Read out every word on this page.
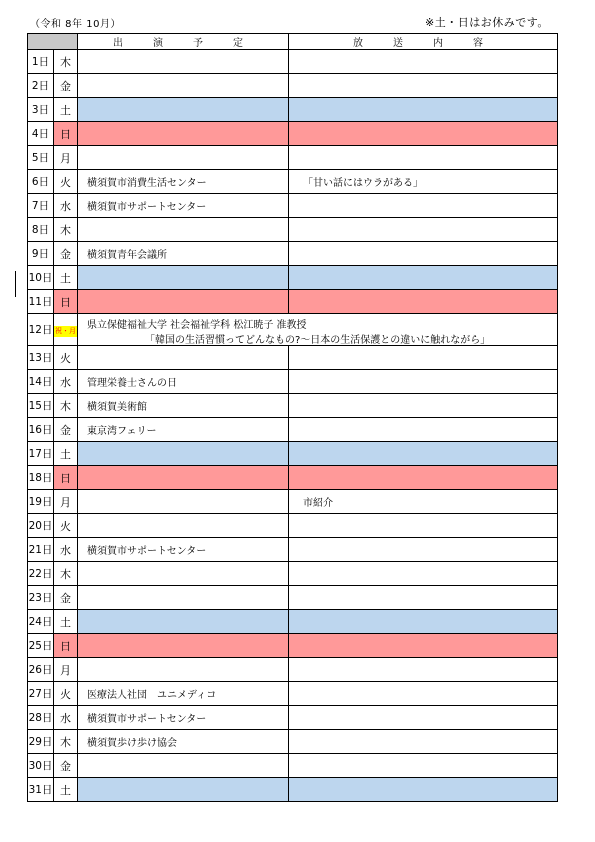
（令和 8年 10月）	※土・日はお休みです。
		出　演　予　定	放　送　内　容
1日	木		
2日	金		
3日	土		
4日	日		
5日	月		
6日	火	横須賀市消費生活センター	「甘い話にはウラがある」
7日	水	横須賀市サポートセンター	
8日	木		
9日	金	横須賀青年会議所	
10日	土		
11日	日		
12日	祝・月	県立保健福祉大学 社会福祉学科 松江暁子 准教授
「韓国の生活習慣ってどんなもの?〜日本の生活保護との違いに触れながら」	

13日	火		
14日	水	管理栄養士さんの日	
15日	木	横須賀美術館	
16日	金	東京湾フェリー	
17日	土		
18日	日		
19日	月		市紹介
20日	火		
21日	水	横須賀市サポートセンター	
22日	木		
23日	金		
24日	土		
25日	日		
26日	月		
27日	火	医療法人社団　ユニメディコ	
28日	水	横須賀市サポートセンター	
29日	木	横須賀歩け歩け協会	
30日	金		
31日	土		
